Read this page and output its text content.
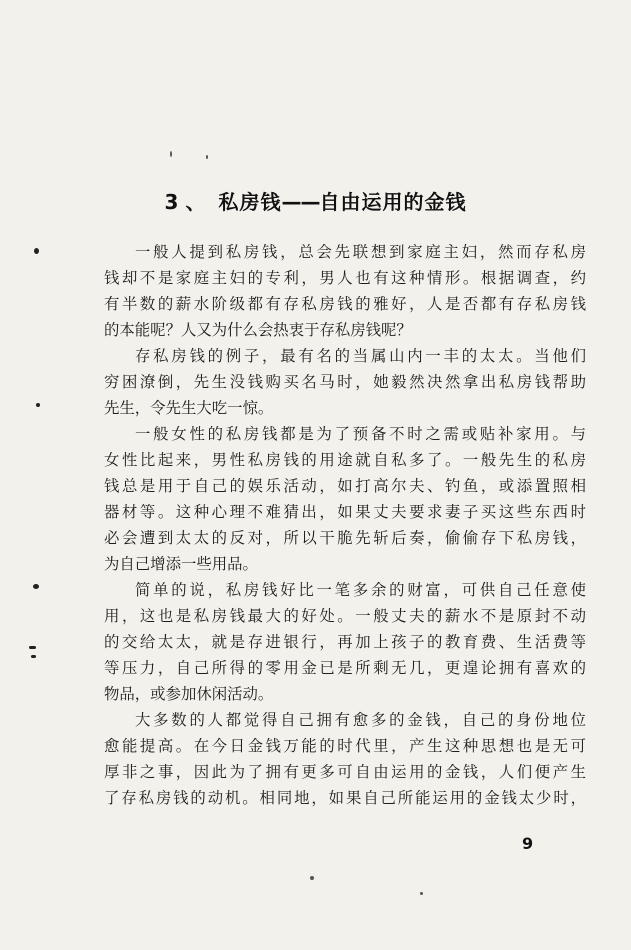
3 、 私房钱——自由运用的金钱
一般人提到私房钱，总会先联想到家庭主妇，然而存私房
钱却不是家庭主妇的专利，男人也有这种情形。根据调查，约
有半数的薪水阶级都有存私房钱的雅好，人是否都有存私房钱
的本能呢？人又为什么会热衷于存私房钱呢？
存私房钱的例子，最有名的当属山内一丰的太太。当他们
穷困潦倒，先生没钱购买名马时，她毅然决然拿出私房钱帮助
先生，令先生大吃一惊。
一般女性的私房钱都是为了预备不时之需或贴补家用。与
女性比起来，男性私房钱的用途就自私多了。一般先生的私房
钱总是用于自己的娱乐活动，如打高尔夫、钓鱼，或添置照相
器材等。这种心理不难猜出，如果丈夫要求妻子买这些东西时
必会遭到太太的反对，所以干脆先斩后奏，偷偷存下私房钱，
为自己增添一些用品。
简单的说，私房钱好比一笔多余的财富，可供自己任意使
用，这也是私房钱最大的好处。一般丈夫的薪水不是原封不动
的交给太太，就是存进银行，再加上孩子的教育费、生活费等
等压力，自己所得的零用金已是所剩无几，更遑论拥有喜欢的
物品，或参加休闲活动。
大多数的人都觉得自己拥有愈多的金钱，自己的身份地位
愈能提高。在今日金钱万能的时代里，产生这种思想也是无可
厚非之事，因此为了拥有更多可自由运用的金钱，人们便产生
了存私房钱的动机。相同地，如果自己所能运用的金钱太少时，
9
